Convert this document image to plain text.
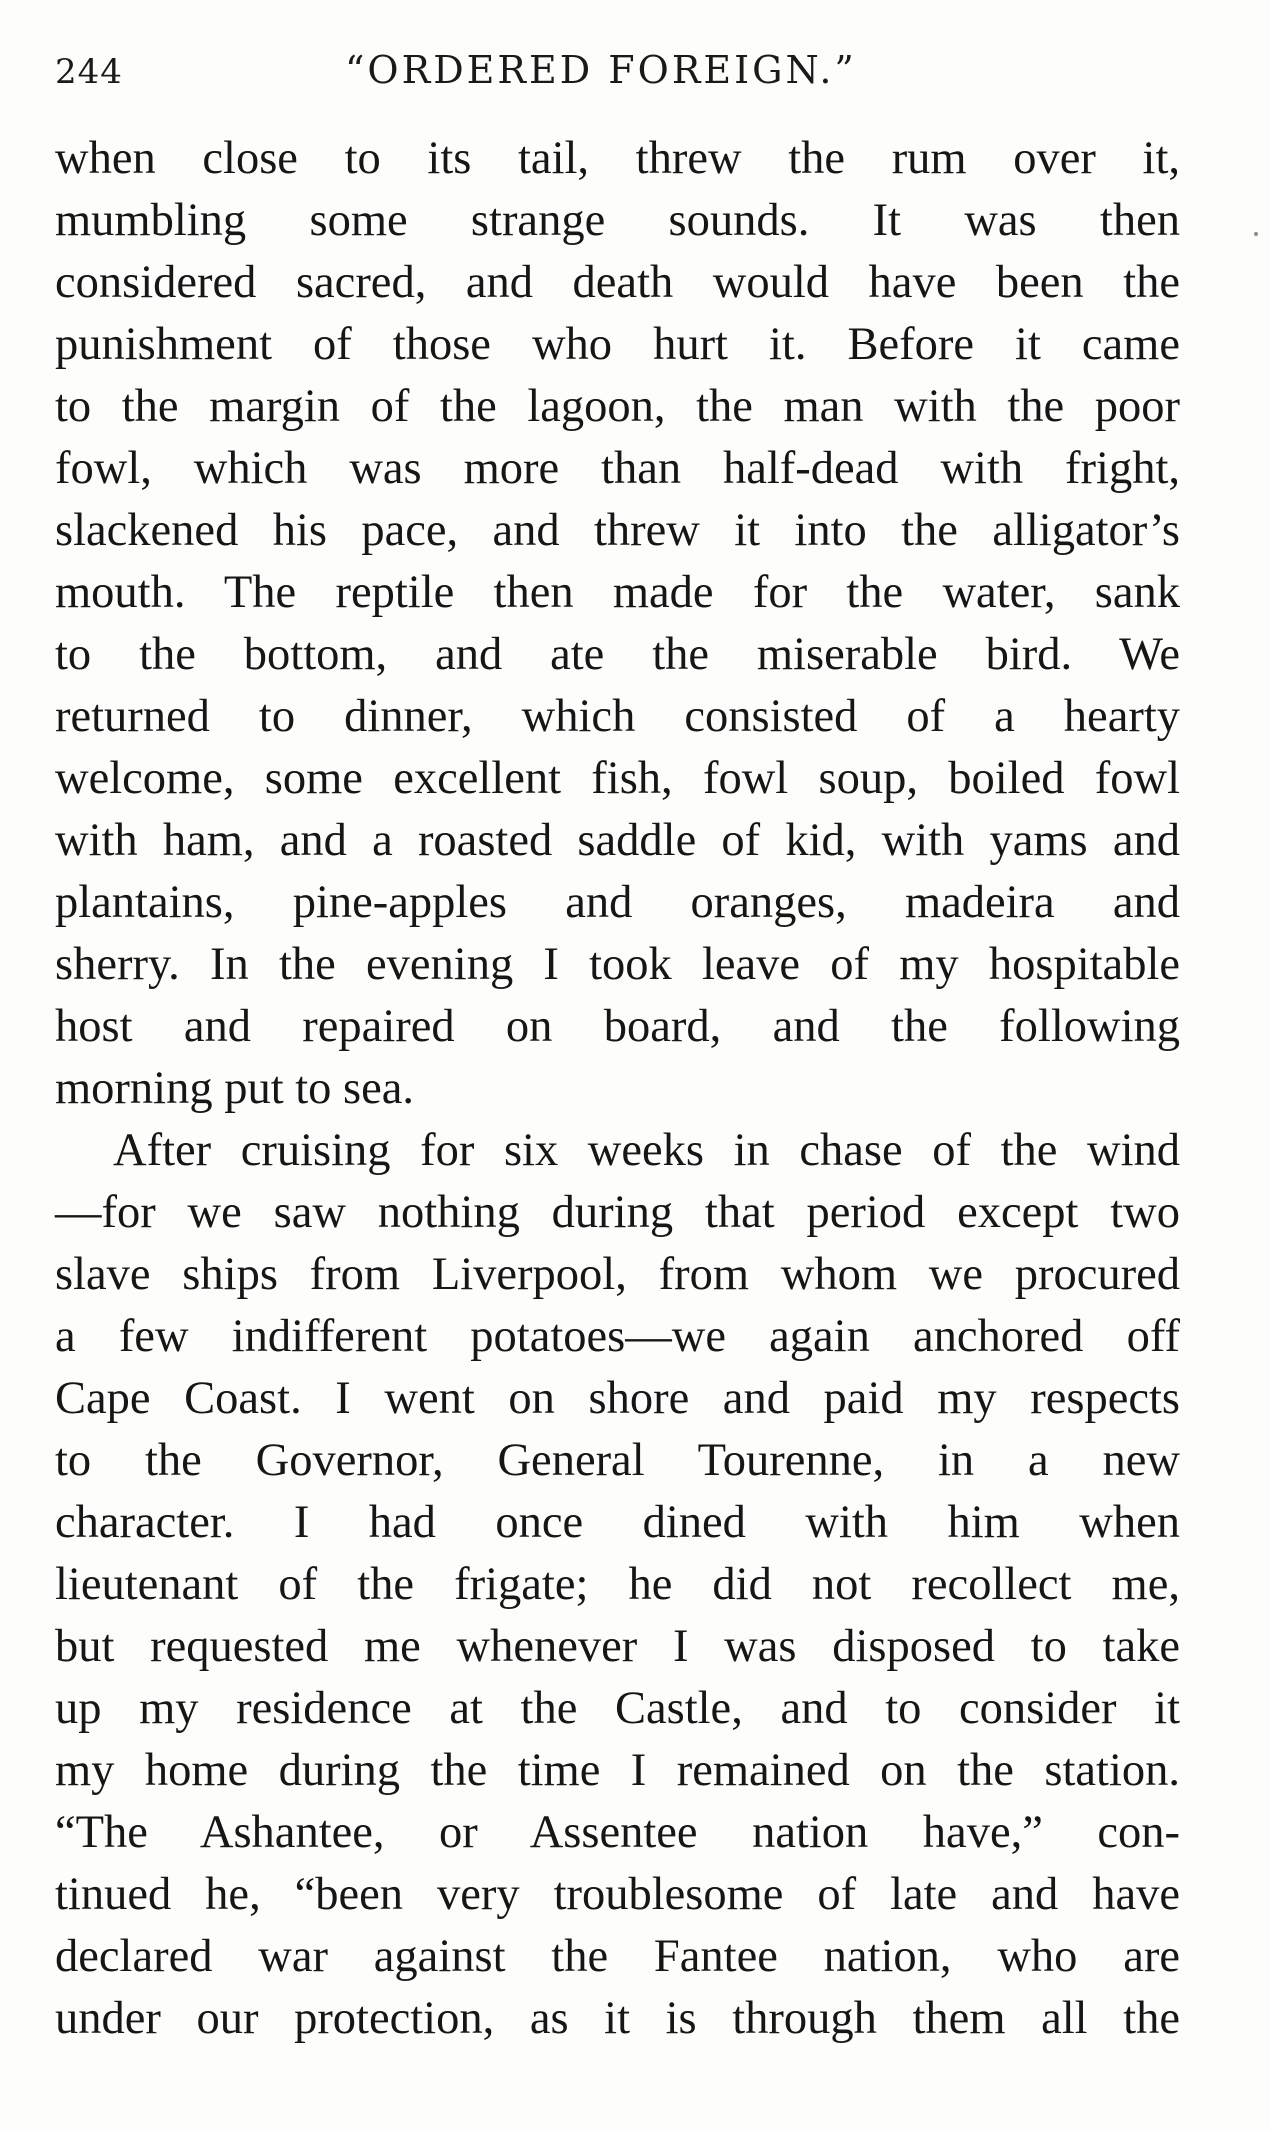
244	“ORDERED FOREIGN.”
when close to its tail, threw the rum over it,
mumbling some strange sounds. It was then
considered sacred, and death would have been the
punishment of those who hurt it. Before it came
to the margin of the lagoon, the man with the poor
fowl, which was more than half-dead with fright,
slackened his pace, and threw it into the alligator’s
mouth. The reptile then made for the water, sank
to the bottom, and ate the miserable bird. We
returned to dinner, which consisted of a hearty
welcome, some excellent fish, fowl soup, boiled fowl
with ham, and a roasted saddle of kid, with yams and
plantains, pine-apples and oranges, madeira and
sherry. In the evening I took leave of my hospitable
host and repaired on board, and the following
morning put to sea.
After cruising for six weeks in chase of the wind
—for we saw nothing during that period except two
slave ships from Liverpool, from whom we procured
a few indifferent potatoes—we again anchored off
Cape Coast. I went on shore and paid my respects
to the Governor, General Tourenne, in a new
character. I had once dined with him when
lieutenant of the frigate; he did not recollect me,
but requested me whenever I was disposed to take
up my residence at the Castle, and to consider it
my home during the time I remained on the station.
“The Ashantee, or Assentee nation have,” con-
tinued he, “been very troublesome of late and have
declared war against the Fantee nation, who are
under our protection, as it is through them all the
